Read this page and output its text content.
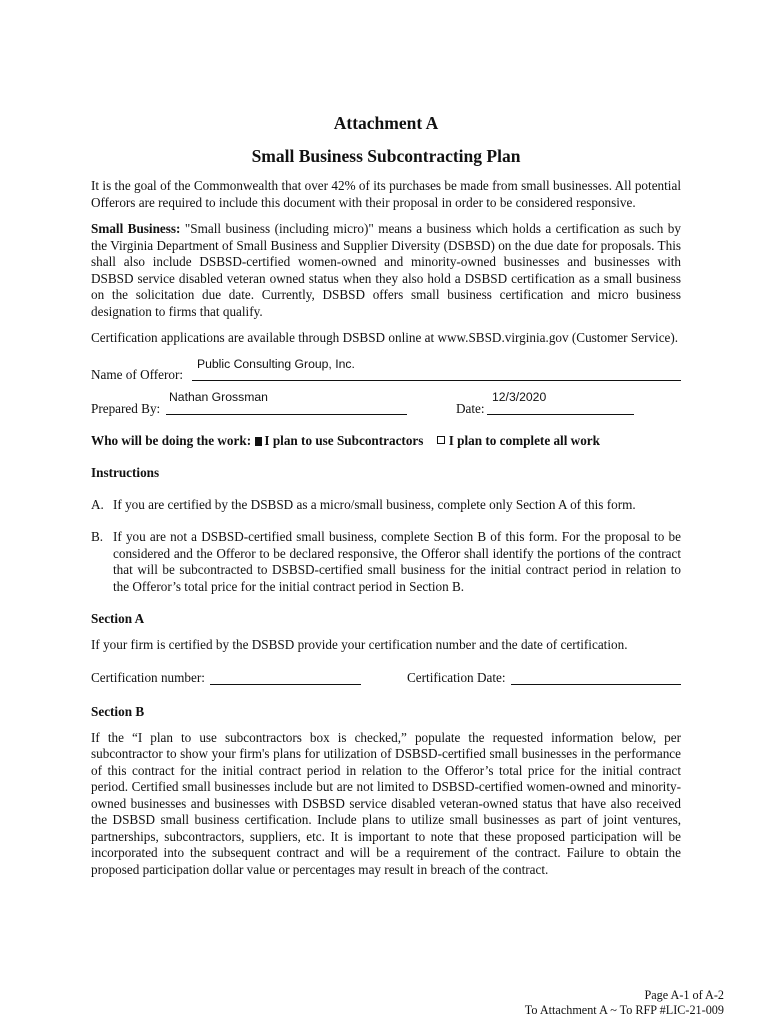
Attachment A
Small Business Subcontracting Plan

It is the goal of the Commonwealth that over 42% of its purchases be made from small businesses. All potential Offerors are required to include this document with their proposal in order to be considered responsive.

Small Business: "Small business (including micro)" means a business which holds a certification as such by the Virginia Department of Small Business and Supplier Diversity (DSBSD) on the due date for proposals. This shall also include DSBSD-certified women-owned and minority-owned businesses and businesses with DSBSD service disabled veteran owned status when they also hold a DSBSD certification as a small business on the solicitation due date. Currently, DSBSD offers small business certification and micro business designation to firms that qualify.

Certification applications are available through DSBSD online at www.SBSD.virginia.gov (Customer Service).

Name of Offeror:
Public Consulting Group, Inc.
Prepared By:
Nathan Grossman
Date:
12/3/2020
Who will be doing the work: I plan to use Subcontractors I plan to complete all work
Instructions
A. If you are certified by the DSBSD as a micro/small business, complete only Section A of this form.
B. If you are not a DSBSD-certified small business, complete Section B of this form. For the proposal to be considered and the Offeror to be declared responsive, the Offeror shall identify the portions of the contract that will be subcontracted to DSBSD-certified small business for the initial contract period in relation to the Offeror’s total price for the initial contract period in Section B.
Section A

If your firm is certified by the DSBSD provide your certification number and the date of certification.

Certification number:	Certification Date:
Section B

If the “I plan to use subcontractors box is checked,” populate the requested information below, per subcontractor to show your firm's plans for utilization of DSBSD-certified small businesses in the performance of this contract for the initial contract period in relation to the Offeror’s total price for the initial contract period. Certified small businesses include but are not limited to DSBSD-certified women-owned and minority-owned businesses and businesses with DSBSD service disabled veteran-owned status that have also received the DSBSD small business certification. Include plans to utilize small businesses as part of joint ventures, partnerships, subcontractors, suppliers, etc. It is important to note that these proposed participation will be incorporated into the subsequent contract and will be a requirement of the contract. Failure to obtain the proposed participation dollar value or percentages may result in breach of the contract.

Page A-1 of A-2
To Attachment A ~ To RFP #LIC-21-009
